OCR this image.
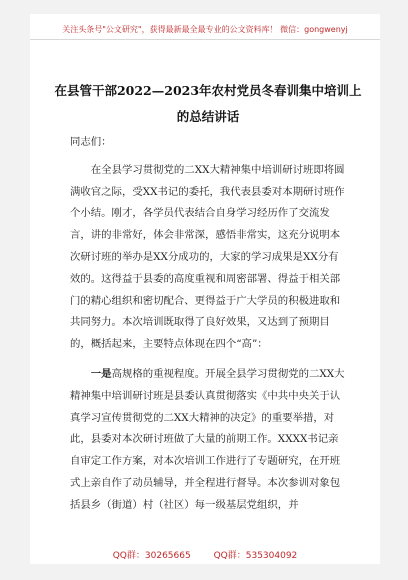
关注头条号"公文研究"，获得最新最全最专业的公文资料库！ 微信：gongwenyj
在县管干部2022—2023年农村党员冬春训集中培训上的总结讲话

同志们：

在全县学习贯彻党的二XX大精神集中培训研讨班即将圆满收官之际，受XX书记的委托，我代表县委对本期研讨班作个小结。刚才，各学员代表结合自身学习经历作了交流发言，讲的非常好，体会非常深，感悟非常实，这充分说明本次研讨班的举办是XX分成功的，大家的学习成果是XX分有效的。这得益于县委的高度重视和周密部署、得益于相关部门的精心组织和密切配合、更得益于广大学员的积极进取和共同努力。本次培训既取得了良好效果，又达到了预期目的，概括起来，主要特点体现在四个“高”：

一是高规格的重视程度。开展全县学习贯彻党的二XX大精神集中培训研讨班是县委认真贯彻落实《中共中央关于认真学习宣传贯彻党的二XX大精神的决定》的重要举措，对此，县委对本次研讨班做了大量的前期工作。XXXX书记亲自审定工作方案，对本次培训工作进行了专题研究，在开班式上亲自作了动员辅导，并全程进行督导。本次参训对象包括县乡（街道）村（社区）每一级基层党组织，并

QQ群：30265665	QQ群：535304092
